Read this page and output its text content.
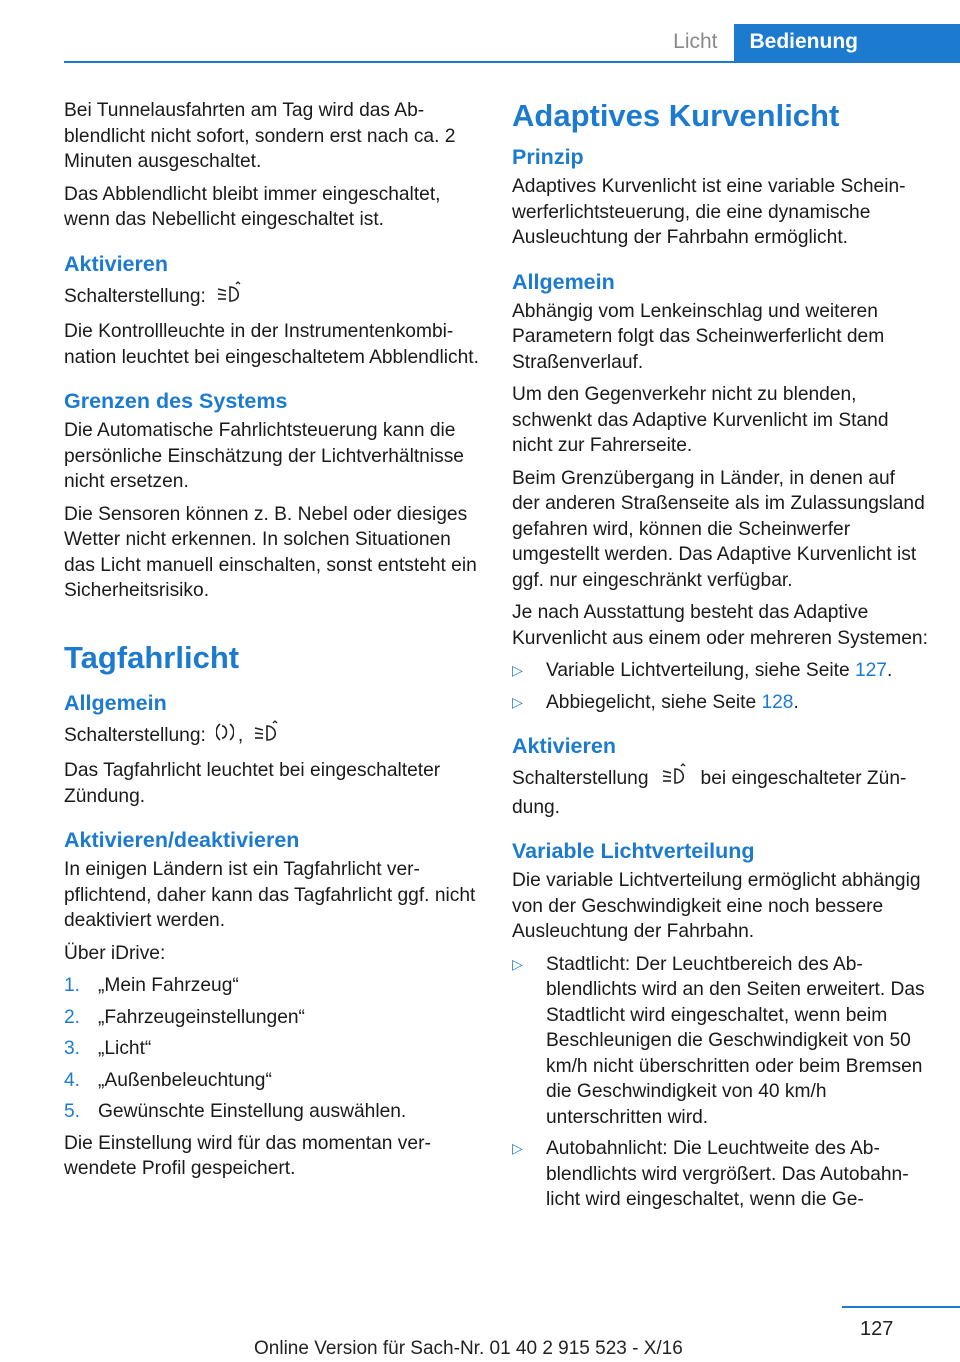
Licht	Bedienung

Bei Tunnelausfahrten am Tag wird das Abblendlicht nicht sofort, sondern erst nach ca. 2 Minuten ausgeschaltet.

Das Abblendlicht bleibt immer eingeschaltet, wenn das Nebellicht eingeschaltet ist.

Aktivieren

Schalterstellung:

Die Kontrollleuchte in der Instrumentenkombination leuchtet bei eingeschaltetem Abblendlicht.

Grenzen des Systems

Die Automatische Fahrlichtsteuerung kann die persönliche Einschätzung der Lichtverhältnisse nicht ersetzen.

Die Sensoren können z. B. Nebel oder diesiges Wetter nicht erkennen. In solchen Situationen das Licht manuell einschalten, sonst entsteht ein Sicherheitsrisiko.

Tagfahrlicht
Allgemein

Schalterstellung: ,

Das Tagfahrlicht leuchtet bei eingeschalteter Zündung.

Aktivieren/deaktivieren

In einigen Ländern ist ein Tagfahrlicht verpflichtend, daher kann das Tagfahrlicht ggf. nicht deaktiviert werden.

Über iDrive:

1. „Mein Fahrzeug“
2. „Fahrzeugeinstellungen“
3. „Licht“
4. „Außenbeleuchtung“
5. Gewünschte Einstellung auswählen.

Die Einstellung wird für das momentan verwendete Profil gespeichert.

Adaptives Kurvenlicht
Prinzip

Adaptives Kurvenlicht ist eine variable Scheinwerferlichtsteuerung, die eine dynamische Ausleuchtung der Fahrbahn ermöglicht.

Allgemein

Abhängig vom Lenkeinschlag und weiteren Parametern folgt das Scheinwerferlicht dem Straßenverlauf.

Um den Gegenverkehr nicht zu blenden, schwenkt das Adaptive Kurvenlicht im Stand nicht zur Fahrerseite.

Beim Grenzübergang in Länder, in denen auf der anderen Straßenseite als im Zulassungsland gefahren wird, können die Scheinwerfer umgestellt werden. Das Adaptive Kurvenlicht ist ggf. nur eingeschränkt verfügbar.

Je nach Ausstattung besteht das Adaptive Kurvenlicht aus einem oder mehreren Systemen:

▷ Variable Lichtverteilung, siehe Seite 127.
▷ Abbiegelicht, siehe Seite 128.
Aktivieren

Schalterstellung	bei eingeschalteter Zündung.

Variable Lichtverteilung

Die variable Lichtverteilung ermöglicht abhängig von der Geschwindigkeit eine noch bessere Ausleuchtung der Fahrbahn.

▷ Stadtlicht: Der Leuchtbereich des Abblendlichts wird an den Seiten erweitert. Das Stadtlicht wird eingeschaltet, wenn beim Beschleunigen die Geschwindigkeit von 50 km/h nicht überschritten oder beim Bremsen die Geschwindigkeit von 40 km/h unterschritten wird.
▷ Autobahnlicht: Die Leuchtweite des Abblendlichts wird vergrößert. Das Autobahnlicht wird eingeschaltet, wenn die Ge-
127
Online Version für Sach-Nr. 01 40 2 915 523 - X/16
